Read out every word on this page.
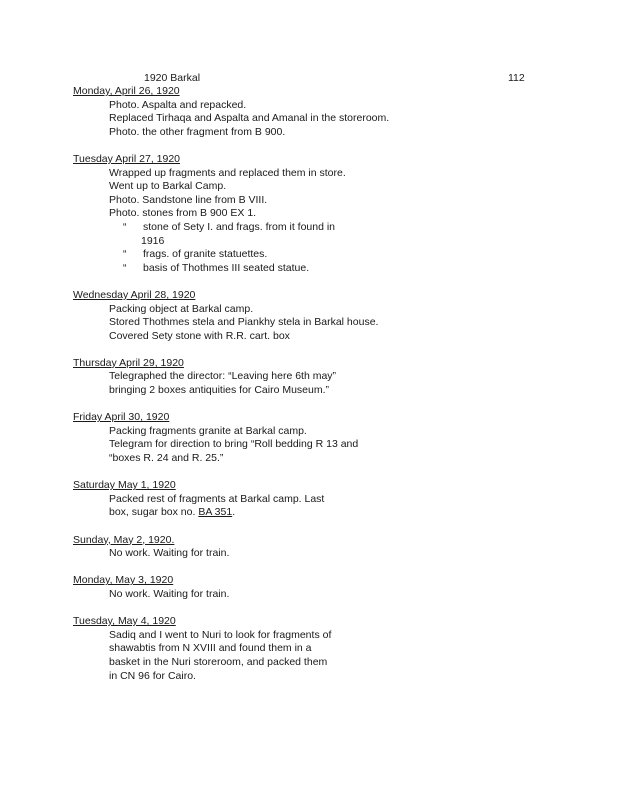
1920 Barkal	112
Monday, April 26, 1920
Photo. Aspalta and repacked.
Replaced Tirhaqa and Aspalta and Amanal in the storeroom.
Photo. the other fragment from B 900.
Tuesday April 27, 1920
Wrapped up fragments and replaced them in store.
Went up to Barkal Camp.
Photo. Sandstone line from B VIII.
Photo. stones from B 900 EX 1.
“ stone of Sety I. and frags. from it found in
1916
“ frags. of granite statuettes.
“ basis of Thothmes III seated statue.
Wednesday April 28, 1920
Packing object at Barkal camp.
Stored Thothmes stela and Piankhy stela in Barkal house.
Covered Sety stone with R.R. cart. box
Thursday April 29, 1920
Telegraphed the director: “Leaving here 6th may”
bringing 2 boxes antiquities for Cairo Museum.”
Friday April 30, 1920
Packing fragments granite at Barkal camp.
Telegram for direction to bring “Roll bedding R 13 and
“boxes R. 24 and R. 25.”
Saturday May 1, 1920
Packed rest of fragments at Barkal camp. Last
box, sugar box no. BA 351.
Sunday, May 2, 1920.
No work. Waiting for train.
Monday, May 3, 1920
No work. Waiting for train.
Tuesday, May 4, 1920
Sadiq and I went to Nuri to look for fragments of
shawabtis from N XVIII and found them in a
basket in the Nuri storeroom, and packed them
in CN 96 for Cairo.
